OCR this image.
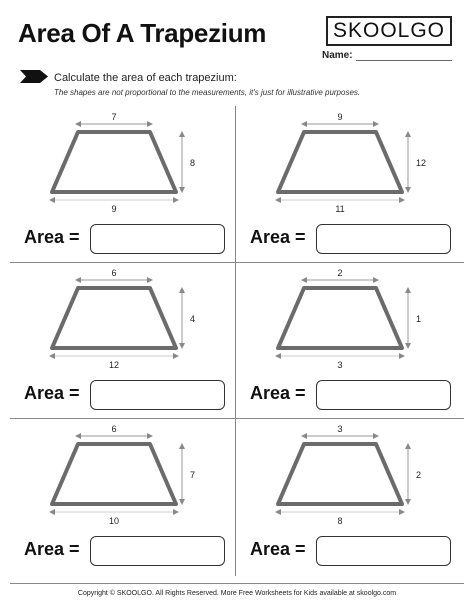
Area Of A Trapezium	SKOOLGO
Name:
Calculate the area of each trapezium:
The shapes are not proportional to the measurements, it's just for illustrative purposes.
7
9
8
Area =
9
11
12
Area =
6
12
4
Area =
2
3
1
Area =
6
10
7
Area =
3
8
2
Area =
Copyright © SKOOLGO. All Rights Reserved. More Free Worksheets for Kids available at skoolgo.com
